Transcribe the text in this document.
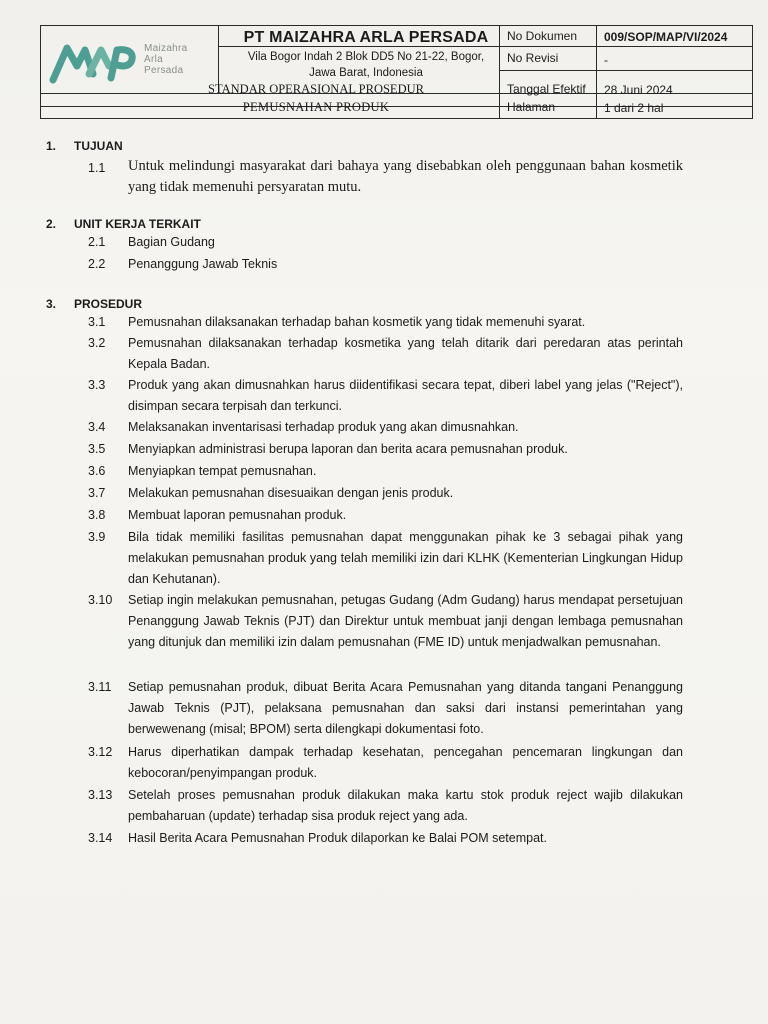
Maizahra
Arla
Persada
PT MAIZAHRA ARLA PERSADA
Vila Bogor Indah 2 Blok DD5 No 21-22, Bogor,
Jawa Barat, Indonesia
STANDAR OPERASIONAL PROSEDUR
PEMUSNAHAN PRODUK
No Dokumen 009/SOP/MAP/VI/2024
No Revisi	-
Tanggal Efektif 28 Juni 2024
Halaman	1 dari 2 hal
1. TUJUAN
1.1 Untuk melindungi masyarakat dari bahaya yang disebabkan oleh penggunaan bahan kosmetik yang tidak memenuhi persyaratan mutu.
2. UNIT KERJA TERKAIT
2.1 Bagian Gudang
2.2 Penanggung Jawab Teknis
3. PROSEDUR
3.1 Pemusnahan dilaksanakan terhadap bahan kosmetik yang tidak memenuhi syarat.
3.2 Pemusnahan dilaksanakan terhadap kosmetika yang telah ditarik dari peredaran atas perintah Kepala Badan.
3.3 Produk yang akan dimusnahkan harus diidentifikasi secara tepat, diberi label yang jelas ("Reject"), disimpan secara terpisah dan terkunci.
3.4 Melaksanakan inventarisasi terhadap produk yang akan dimusnahkan.
3.5 Menyiapkan administrasi berupa laporan dan berita acara pemusnahan produk.
3.6 Menyiapkan tempat pemusnahan.
3.7 Melakukan pemusnahan disesuaikan dengan jenis produk.
3.8 Membuat laporan pemusnahan produk.
3.9 Bila tidak memiliki fasilitas pemusnahan dapat menggunakan pihak ke 3 sebagai pihak yang melakukan pemusnahan produk yang telah memiliki izin dari KLHK (Kementerian Lingkungan Hidup dan Kehutanan).
3.10 Setiap ingin melakukan pemusnahan, petugas Gudang (Adm Gudang) harus mendapat persetujuan Penanggung Jawab Teknis (PJT) dan Direktur untuk membuat janji dengan lembaga pemusnahan yang ditunjuk dan memiliki izin dalam pemusnahan (FME ID) untuk menjadwalkan pemusnahan.
3.11 Setiap pemusnahan produk, dibuat Berita Acara Pemusnahan yang ditanda tangani Penanggung Jawab Teknis (PJT), pelaksana pemusnahan dan saksi dari instansi pemerintahan yang berwewenang (misal; BPOM) serta dilengkapi dokumentasi foto.
3.12 Harus diperhatikan dampak terhadap kesehatan, pencegahan pencemaran lingkungan dan kebocoran/penyimpangan produk.
3.13 Setelah proses pemusnahan produk dilakukan maka kartu stok produk reject wajib dilakukan pembaharuan (update) terhadap sisa produk reject yang ada.
3.14 Hasil Berita Acara Pemusnahan Produk dilaporkan ke Balai POM setempat.
